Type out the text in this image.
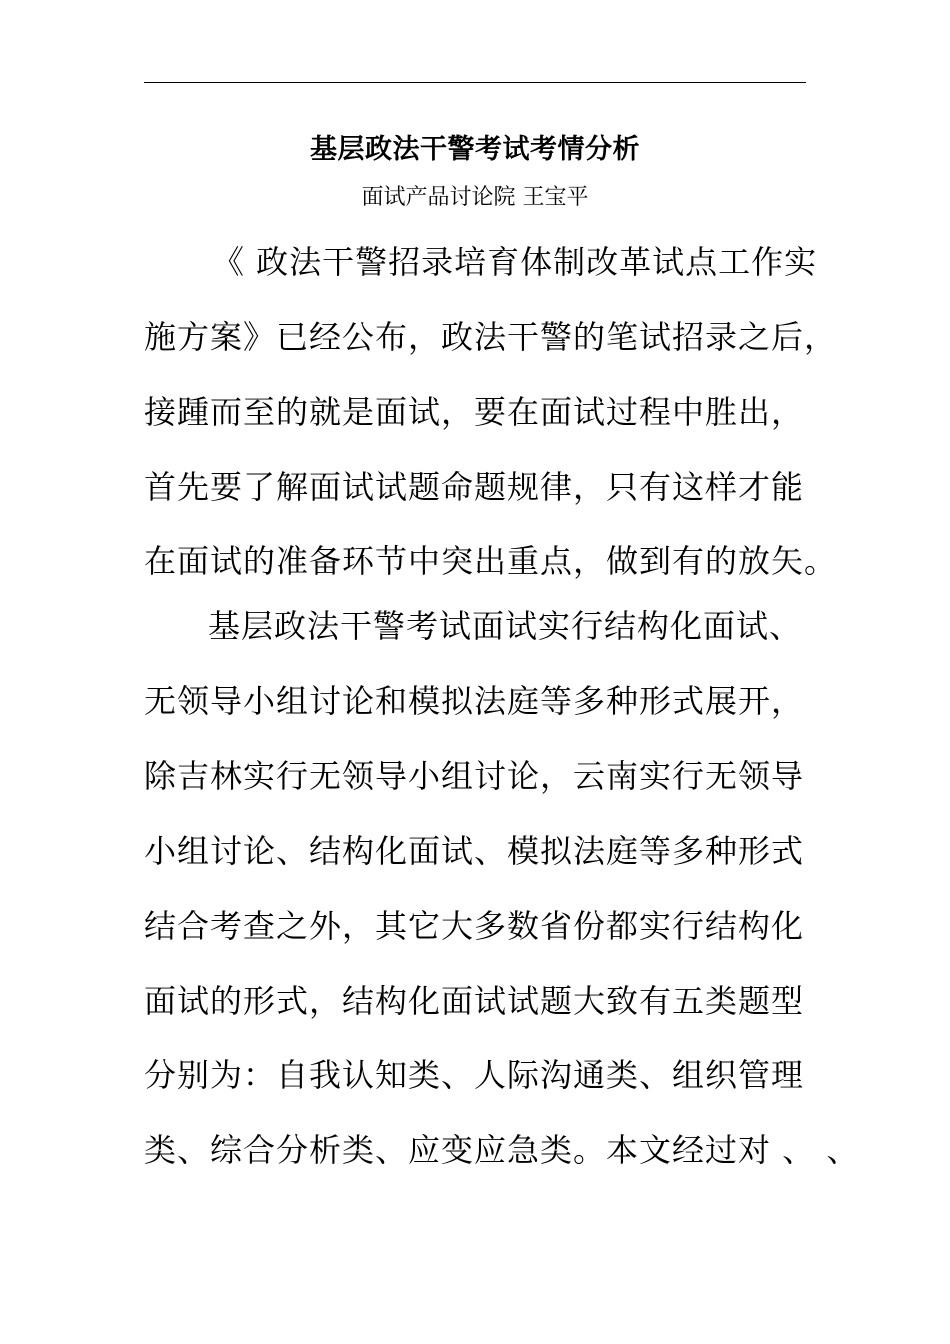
基层政法干警考试考情分析
面试产品讨论院 王宝平
《 政法干警招录培育体制改革试点工作实
施方案》已经公布，政法干警的笔试招录之后，
接踵而至的就是面试，要在面试过程中胜出，
首先要了解面试试题命题规律，只有这样才能
在面试的准备环节中突出重点，做到有的放矢。
基层政法干警考试面试实行结构化面试、
无领导小组讨论和模拟法庭等多种形式展开，
除吉林实行无领导小组讨论，云南实行无领导
小组讨论、结构化面试、模拟法庭等多种形式
结合考查之外，其它大多数省份都实行结构化
面试的形式，结构化面试试题大致有五类题型
分别为：自我认知类、人际沟通类、组织管理
类、综合分析类、应变应急类。本文经过对 、 、
